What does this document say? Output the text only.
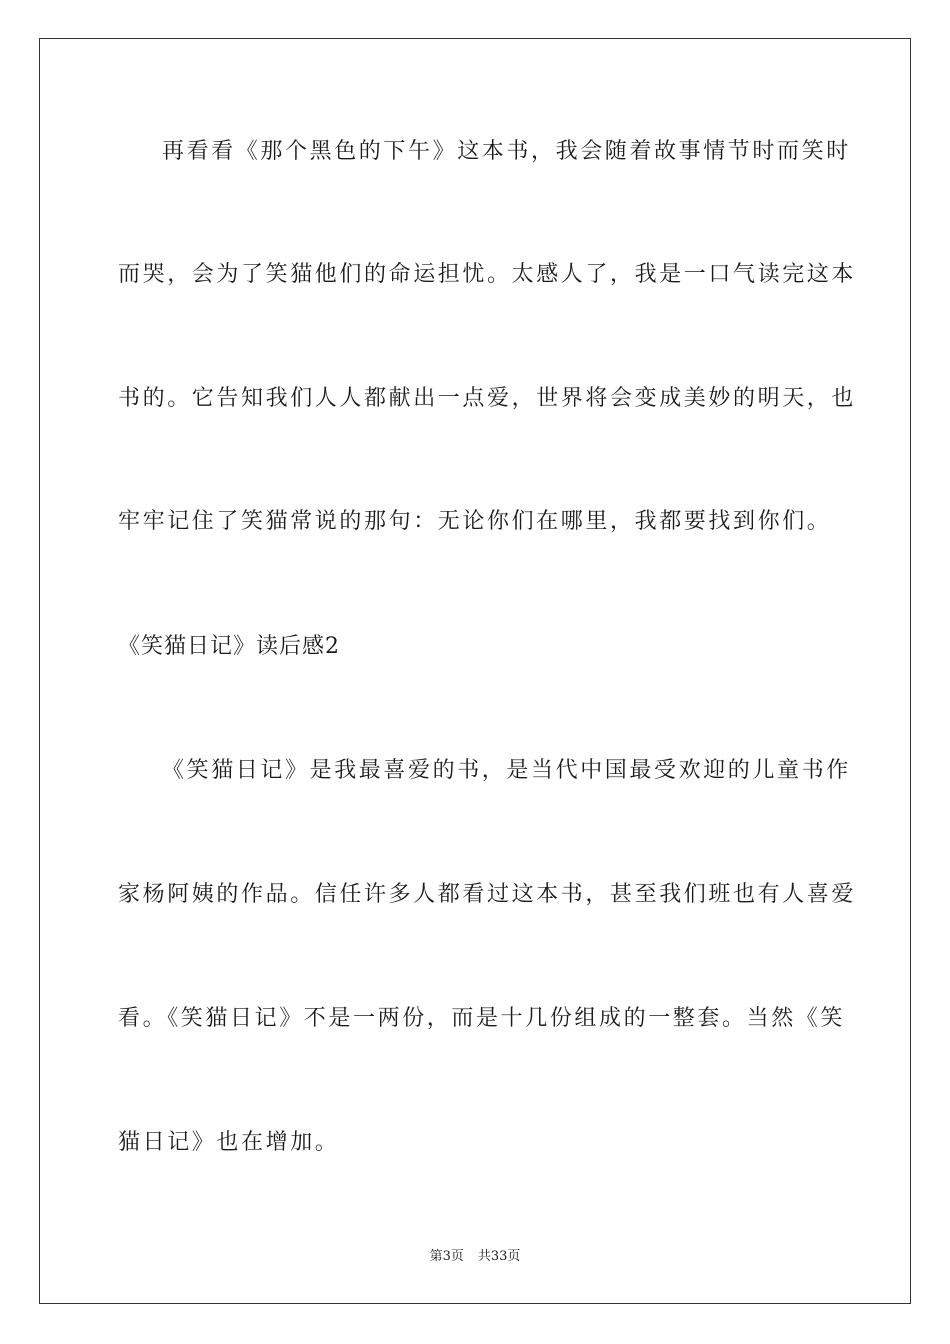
再看看《那个黑色的下午》这本书，我会随着故事情节时而笑时
而哭，会为了笑猫他们的命运担忧。太感人了，我是一口气读完这本
书的。它告知我们人人都献出一点爱，世界将会变成美妙的明天，也
牢牢记住了笑猫常说的那句：无论你们在哪里，我都要找到你们。
《笑猫日记》读后感2
《笑猫日记》是我最喜爱的书，是当代中国最受欢迎的儿童书作
家杨阿姨的作品。信任许多人都看过这本书，甚至我们班也有人喜爱
看。《笑猫日记》不是一两份，而是十几份组成的一整套。当然《笑
猫日记》也在增加。
第3页 共33页
